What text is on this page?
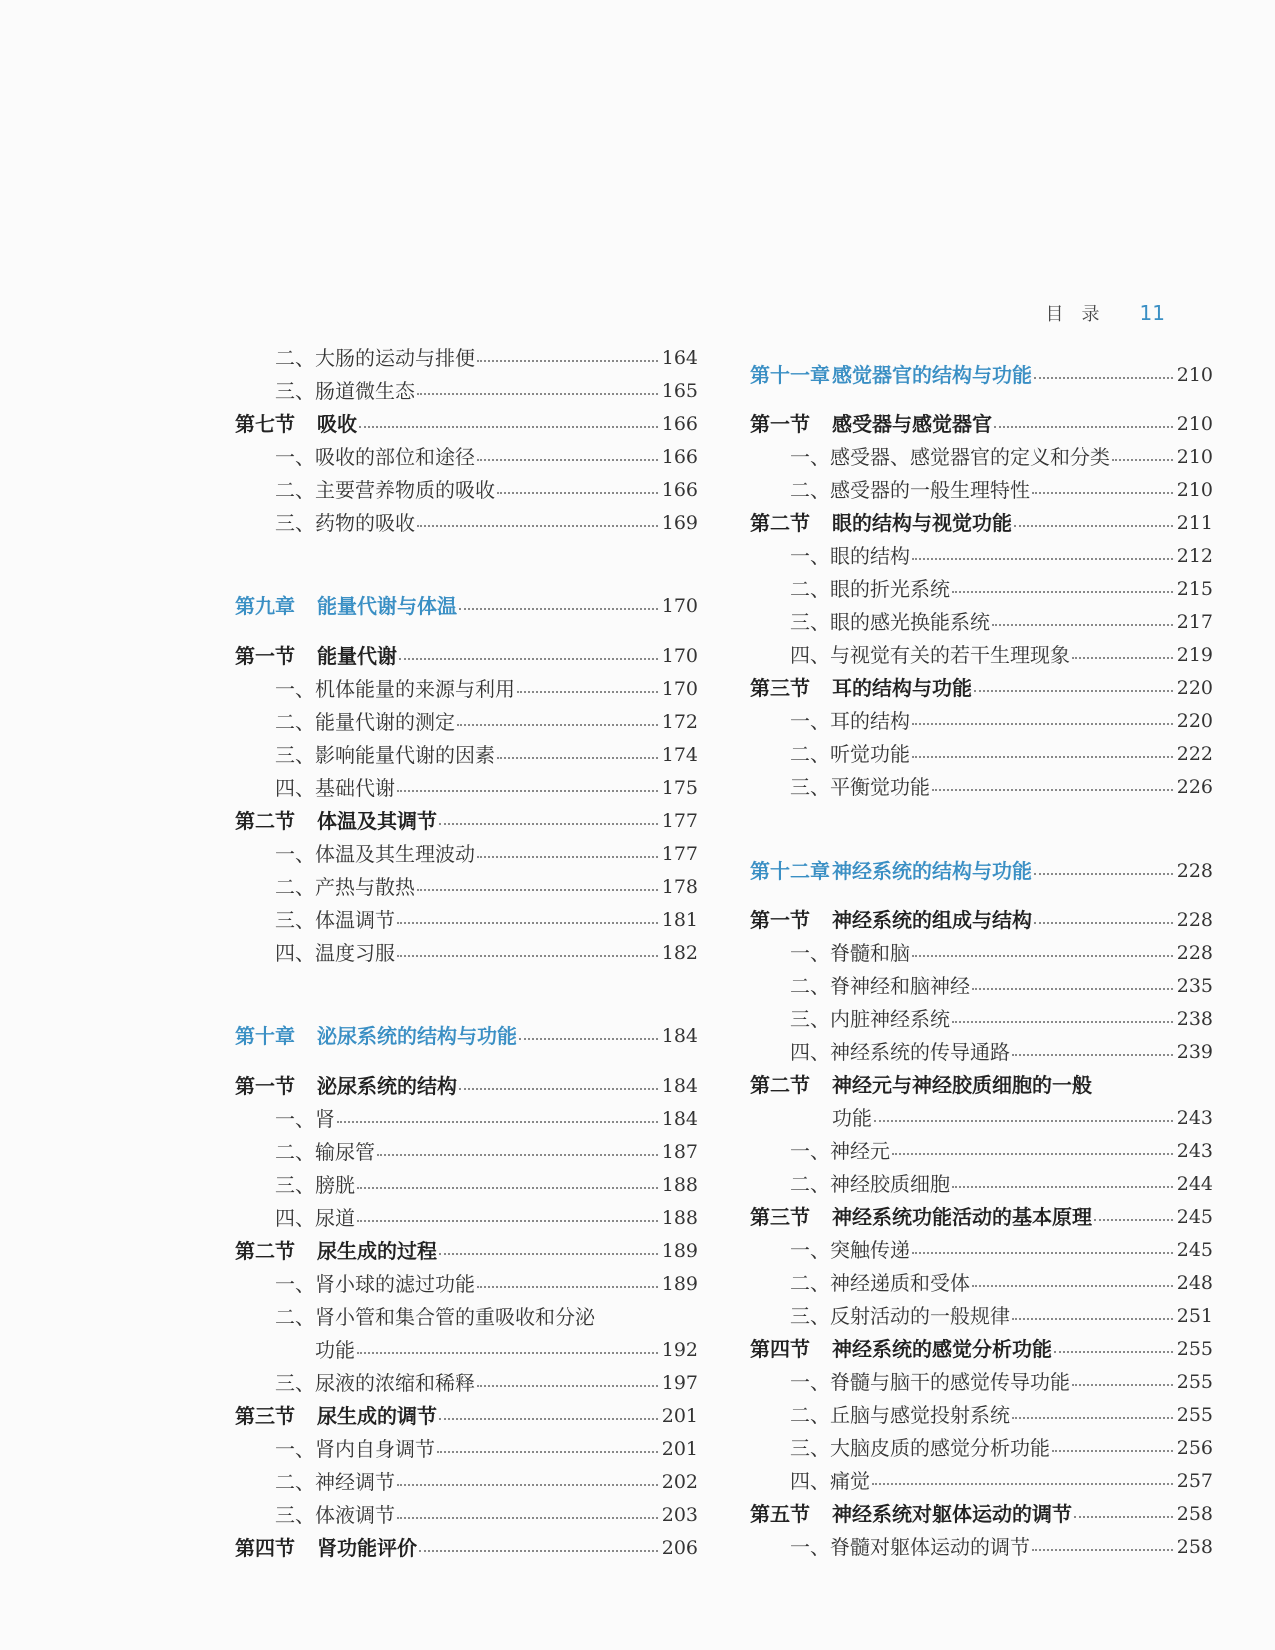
目　录 11
二、大肠的运动与排便	164
三、肠道微生态	165
第七节	吸收	166
一、吸收的部位和途径	166
二、主要营养物质的吸收	166
三、药物的吸收	169
第九章	能量代谢与体温	170
第一节	能量代谢	170
一、机体能量的来源与利用	170
二、能量代谢的测定	172
三、影响能量代谢的因素	174
四、基础代谢	175
第二节	体温及其调节	177
一、体温及其生理波动	177
二、产热与散热	178
三、体温调节	181
四、温度习服	182
第十章	泌尿系统的结构与功能	184
第一节	泌尿系统的结构	184
一、肾	184
二、输尿管	187
三、膀胱	188
四、尿道	188
第二节	尿生成的过程	189
一、肾小球的滤过功能	189
二、肾小管和集合管的重吸收和分泌
功能	192
三、尿液的浓缩和稀释	197
第三节	尿生成的调节	201
一、肾内自身调节	201
二、神经调节	202
三、体液调节	203
第四节	肾功能评价	206
第十一章 感觉器官的结构与功能	210
第一节	感受器与感觉器官	210
一、感受器、感觉器官的定义和分类	210
二、感受器的一般生理特性	210
第二节	眼的结构与视觉功能	211
一、眼的结构	212
二、眼的折光系统	215
三、眼的感光换能系统	217
四、与视觉有关的若干生理现象	219
第三节	耳的结构与功能	220
一、耳的结构	220
二、听觉功能	222
三、平衡觉功能	226
第十二章 神经系统的结构与功能	228
第一节	神经系统的组成与结构	228
一、脊髓和脑	228
二、脊神经和脑神经	235
三、内脏神经系统	238
四、神经系统的传导通路	239
第二节	神经元与神经胶质细胞的一般
功能	243
一、神经元	243
二、神经胶质细胞	244
第三节	神经系统功能活动的基本原理	245
一、突触传递	245
二、神经递质和受体	248
三、反射活动的一般规律	251
第四节	神经系统的感觉分析功能	255
一、脊髓与脑干的感觉传导功能	255
二、丘脑与感觉投射系统	255
三、大脑皮质的感觉分析功能	256
四、痛觉	257
第五节	神经系统对躯体运动的调节	258
一、脊髓对躯体运动的调节	258
